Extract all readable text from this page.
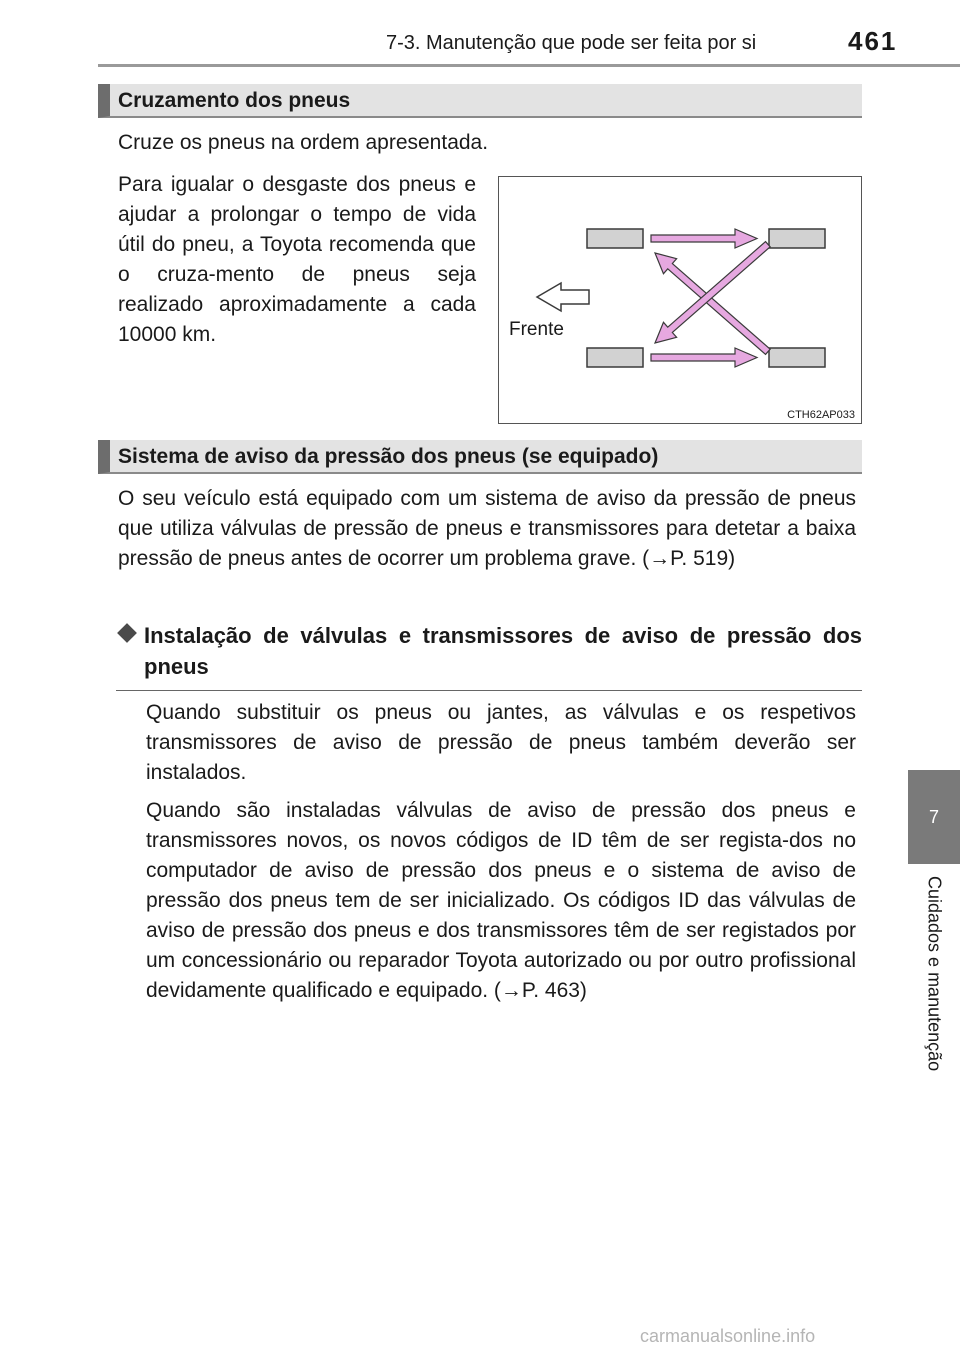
7-3. Manutenção que pode ser feita por si	461
7
Cuidados e manutenção
Cruzamento dos pneus

Cruze os pneus na ordem apresentada.

Para igualar o desgaste dos pneus e ajudar a prolongar o tempo de vida útil do pneu, a Toyota recomenda que o cruza-mento de pneus seja realizado aproximadamente a cada 10000 km.	Frente
CTH62AP033
Sistema de aviso da pressão dos pneus (se equipado)

O seu veículo está equipado com um sistema de aviso da pressão de pneus que utiliza válvulas de pressão de pneus e transmissores para detetar a baixa pressão de pneus antes de ocorrer um problema grave. (→P. 519)

Instalação de válvulas e transmissores de aviso de pressão dos pneus

Quando substituir os pneus ou jantes, as válvulas e os respetivos transmissores de aviso de pressão de pneus também deverão ser instalados.

Quando são instaladas válvulas de aviso de pressão dos pneus e transmissores novos, os novos códigos de ID têm de ser regista-dos no computador de aviso de pressão dos pneus e o sistema de aviso de pressão dos pneus tem de ser inicializado. Os códigos ID das válvulas de aviso de pressão dos pneus e dos transmissores têm de ser registados por um concessionário ou reparador Toyota autorizado ou por outro profissional devidamente qualificado e equipado. (→P. 463)

carmanualsonline.info
